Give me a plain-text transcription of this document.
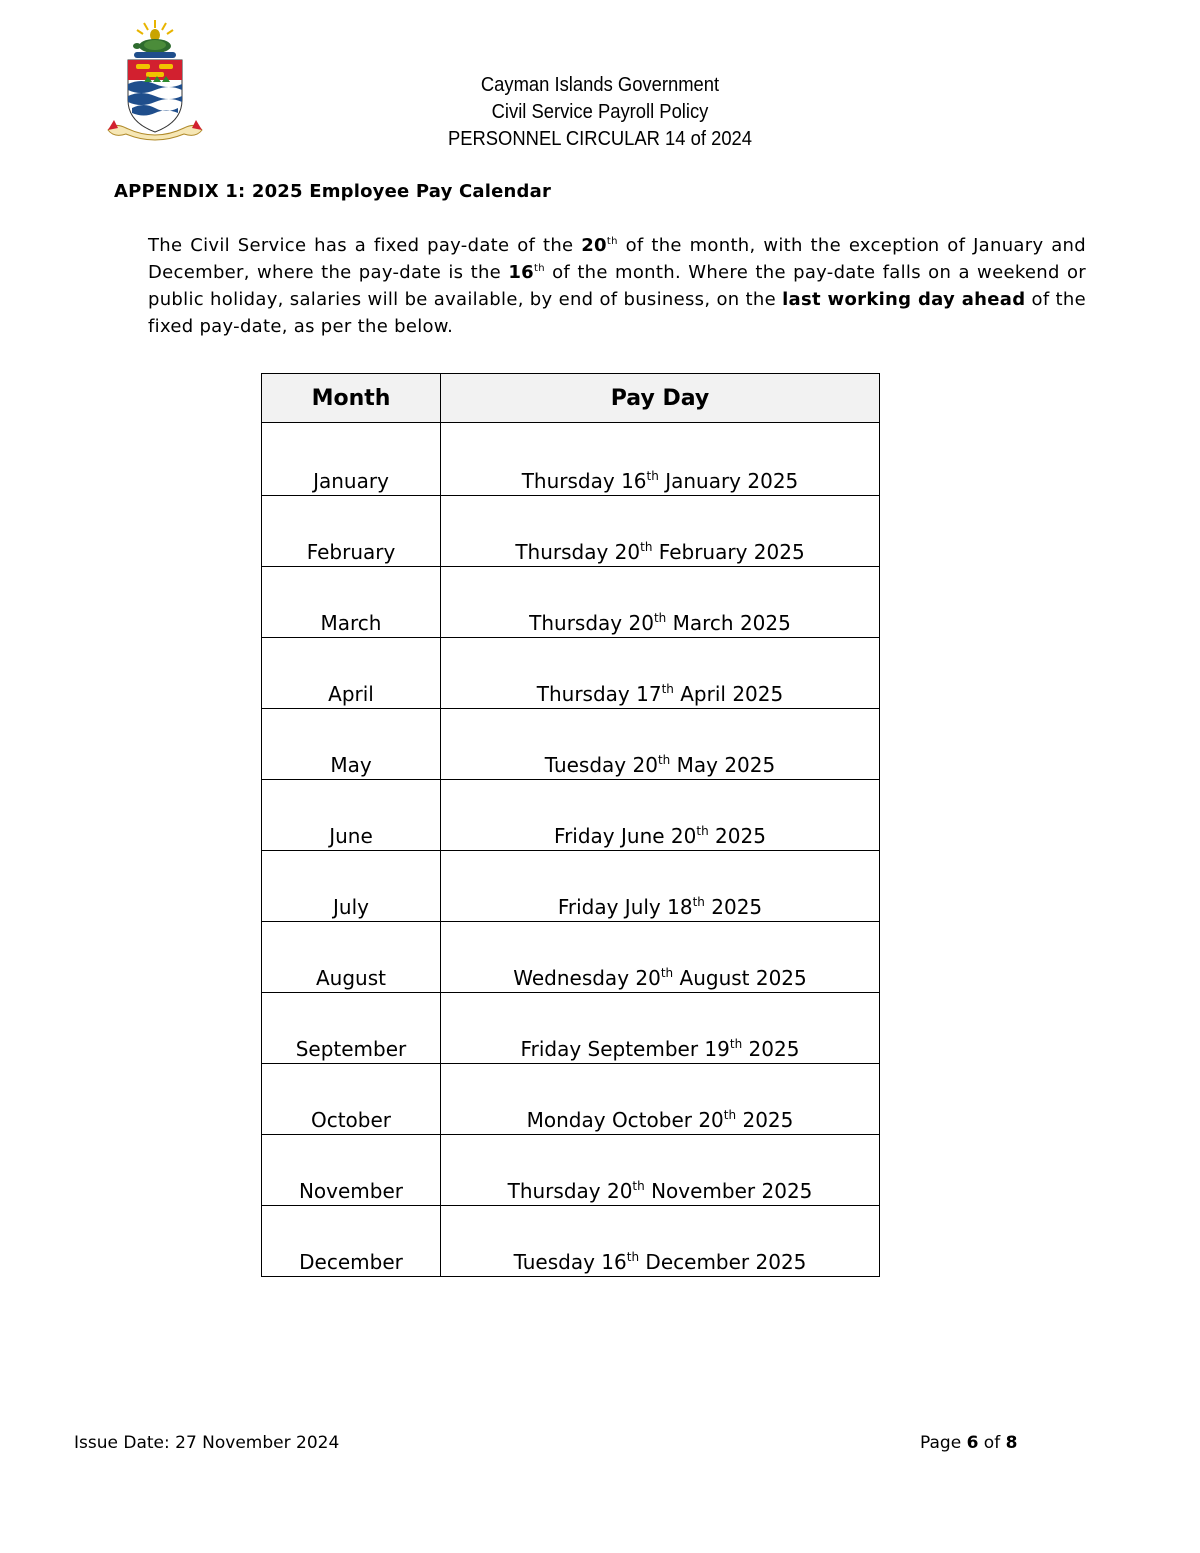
Cayman Islands Government
Civil Service Payroll Policy
PERSONNEL CIRCULAR 14 of 2024
APPENDIX 1: 2025 Employee Pay Calendar
The Civil Service has a fixed pay-date of the 20th of the month, with the exception of January and December, where the pay-date is the 16th of the month. Where the pay-date falls on a weekend or public holiday, salaries will be available, by end of business, on the last working day ahead of the fixed pay-date, as per the below.
Month	Pay Day
January	Thursday 16th January 2025
February	Thursday 20th February 2025
March	Thursday 20th March 2025
April	Thursday 17th April 2025
May	Tuesday 20th May 2025
June	Friday June 20th 2025
July	Friday July 18th 2025
August	Wednesday 20th August 2025
September	Friday September 19th 2025
October	Monday October 20th 2025
November	Thursday 20th November 2025
December	Tuesday 16th December 2025
Issue Date: 27 November 2024	Page 6 of 8
